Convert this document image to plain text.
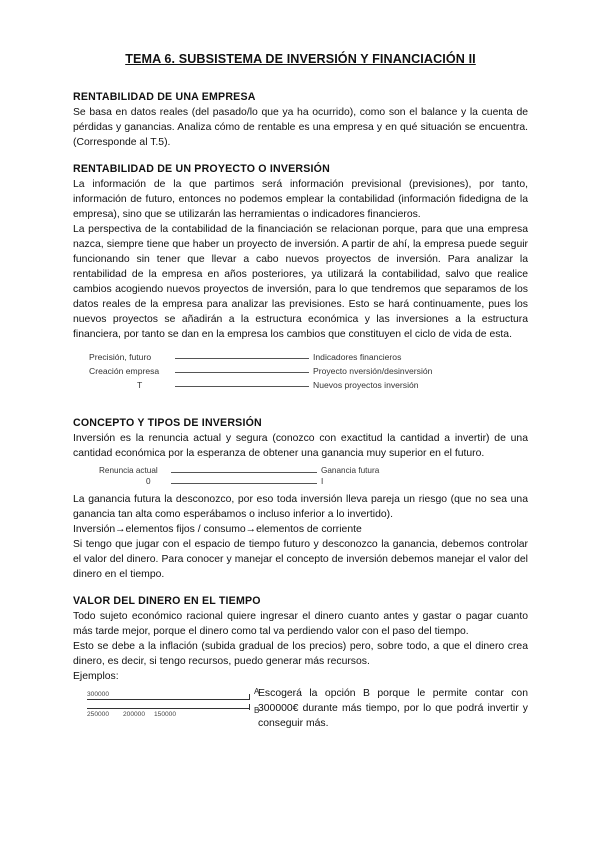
TEMA 6. SUBSISTEMA DE INVERSIÓN Y FINANCIACIÓN II
RENTABILIDAD DE UNA EMPRESA

Se basa en datos reales (del pasado/lo que ya ha ocurrido), como son el balance y la cuenta de pérdidas y ganancias. Analiza cómo de rentable es una empresa y en qué situación se encuentra. (Corresponde al T.5).

RENTABILIDAD DE UN PROYECTO O INVERSIÓN

La información de la que partimos será información previsional (previsiones), por tanto, información de futuro, entonces no podemos emplear la contabilidad (información fidedigna de la empresa), sino que se utilizarán las herramientas o indicadores financieros.

La perspectiva de la contabilidad de la financiación se relacionan porque, para que una empresa nazca, siempre tiene que haber un proyecto de inversión. A partir de ahí, la empresa puede seguir funcionando sin tener que llevar a cabo nuevos proyectos de inversión. Para analizar la rentabilidad de la empresa en años posteriores, ya utilizará la contabilidad, salvo que realice cambios acogiendo nuevos proyectos de inversión, para lo que tendremos que separamos de los datos reales de la empresa para analizar las previsiones. Esto se hará continuamente, pues los nuevos proyectos se añadirán a la estructura económica y las inversiones a la estructura financiera, por tanto se dan en la empresa los cambios que constituyen el ciclo de vida de esta.

Precisión, futuro	Indicadores financieros
Creación empresa	Proyecto nversión/desinversión
T	Nuevos proyectos inversión
CONCEPTO Y TIPOS DE INVERSIÓN

Inversión es la renuncia actual y segura (conozco con exactitud la cantidad a invertir) de una cantidad económica por la esperanza de obtener una ganancia muy superior en el futuro.

Renuncia actual	Ganancia futura
0	I

La ganancia futura la desconozco, por eso toda inversión lleva pareja un riesgo (que no sea una ganancia tan alta como esperábamos o incluso inferior a lo invertido).

Inversión→elementos fijos / consumo→elementos de corriente

Si tengo que jugar con el espacio de tiempo futuro y desconozco la ganancia, debemos controlar el valor del dinero. Para conocer y manejar el concepto de inversión debemos manejar el valor del dinero en el tiempo.

VALOR DEL DINERO EN EL TIEMPO

Todo sujeto económico racional quiere ingresar el dinero cuanto antes y gastar o pagar cuanto más tarde mejor, porque el dinero como tal va perdiendo valor con el paso del tiempo.

Esto se debe a la inflación (subida gradual de los precios) pero, sobre todo, a que el dinero crea dinero, es decir, si tengo recursos, puedo generar más recursos.

Ejemplos:

300000	A
250000 200000 150000	B
Escogerá la opción B porque le permite contar con 300000€ durante más tiempo, por lo que podrá invertir y conseguir más.
